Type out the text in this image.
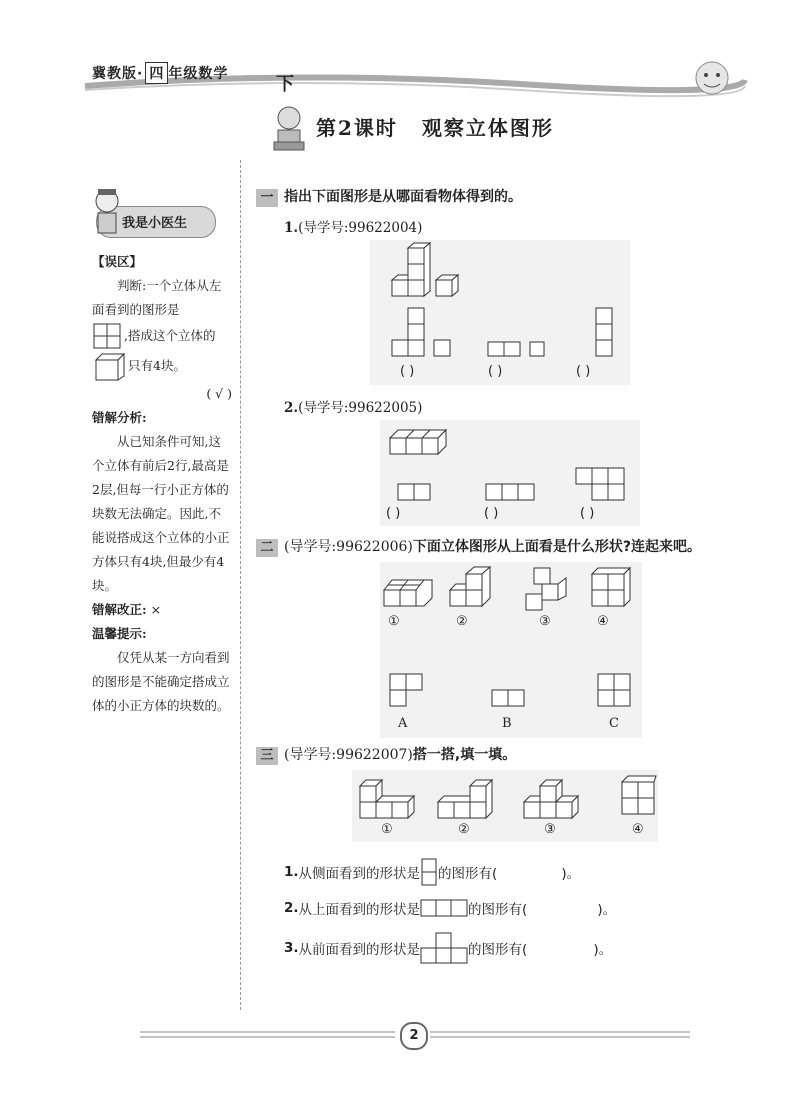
冀教版· 四 年级数学	下
第2课时 观察立体图形
我是小医生

【误区】

判断:一个立体从左面看到的图形是

,搭成这个立体的

只有4块。

( √ )

错解分析:

从已知条件可知,这个立体有前后2行,最高是2层,但每一行小正方体的块数无法确定。因此,不能说搭成这个立体的小正方体只有4块,但最少有4块。

错解改正: ×

温馨提示:

仅凭从某一方向看到的图形是不能确定搭成立体的小正方体的块数的。

一 指出下面图形是从哪面看物体得到的。
1.(导学号:99622004)
( )	( )	( )
2.(导学号:99622005)
( )	( )	( )
二 (导学号:99622006)下面立体图形从上面看是什么形状?连起来吧。
①	②	③	④
A	B	C
三 (导学号:99622007)搭一搭,填一填。
①	②	③	④
1. 从侧面看到的形状是 的图形有(	)。
2. 从上面看到的形状是	的图形有(	)。
3. 从前面看到的形状是	的图形有(	)。
2
